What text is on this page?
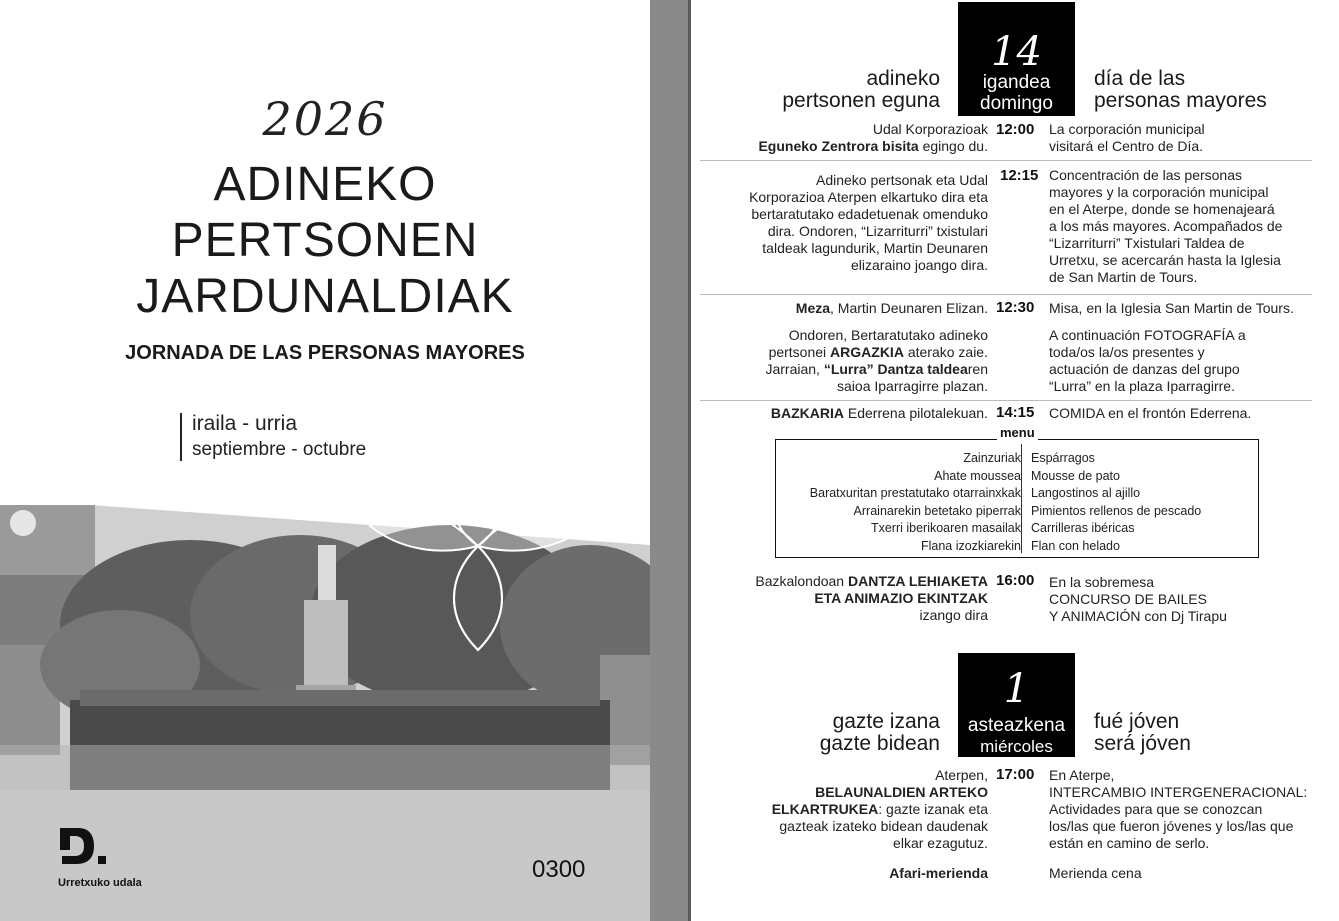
2026
ADINEKO
PERTSONEN
JARDUNALDIAK
JORNADA DE LAS PERSONAS MAYORES
iraila - urria
septiembre - octubre
Urretxuko udala	0300
adineko
pertsonen eguna
14
igandea
domingo
día de las
personas mayores
Udal Korporazioak
Eguneko Zentrora bisita egingo du.
12:00 La corporación municipal
visitará el Centro de Día.
Adineko pertsonak eta Udal
Korporazioa Aterpen elkartuko dira eta
bertaratutako edadetuenak omenduko
dira. Ondoren, “Lizarriturri” txistulari
taldeak lagundurik, Martin Deunaren
elizaraino joango dira.
12:15 Concentración de las personas
mayores y la corporación municipal
en el Aterpe, donde se homenajeará
a los más mayores. Acompañados de
“Lizarriturri” Txistulari Taldea de
Urretxu, se acercarán hasta la Iglesia
de San Martin de Tours.
Meza, Martin Deunaren Elizan. 12:30 Misa, en la Iglesia San Martin de Tours.
Ondoren, Bertaratutako adineko
pertsonei ARGAZKIA aterako zaie.
Jarraian, “Lurra” Dantza taldearen
saioa Iparragirre plazan.
A continuación FOTOGRAFÍA a
toda/os la/os presentes y
actuación de danzas del grupo
“Lurra” en la plaza Iparragirre.
BAZKARIA Ederrena pilotalekuan. 14:15 COMIDA en el frontón Ederrena.
Zainzuriak
Ahate moussea
Baratxuritan prestatutako otarrainxkak
Arrainarekin betetako piperrak
Txerri iberikoaren masailak
Flana izozkiarekin
Espárragos
Mousse de pato
Langostinos al ajillo
Pimientos rellenos de pescado
Carrilleras ibéricas
Flan con helado
menu
Bazkalondoan DANTZA LEHIAKETA
ETA ANIMAZIO EKINTZAK
izango dira
16:00 En la sobremesa
CONCURSO DE BAILES
Y ANIMACIÓN con Dj Tirapu
gazte izana
gazte bidean
1
asteazkena
miércoles
fué jóven
será jóven
Aterpen,
BELAUNALDIEN ARTEKO
ELKARTRUKEA: gazte izanak eta
gazteak izateko bidean daudenak
elkar ezagutuz.
17:00 En Aterpe,
INTERCAMBIO INTERGENERACIONAL:
Actividades para que se conozcan
los/las que fueron jóvenes y los/las que
están en camino de serlo.
Afari-merienda	Merienda cena
